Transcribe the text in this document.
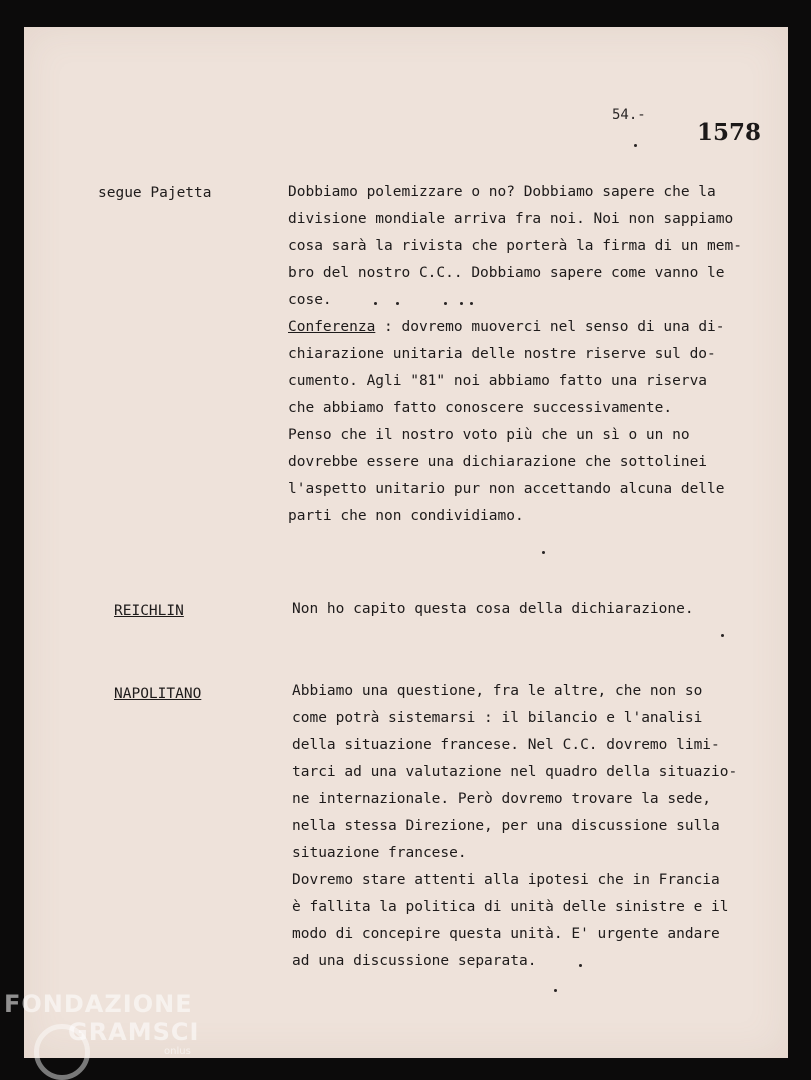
54.-
1578
segue Pajetta	Dobbiamo polemizzare o no? Dobbiamo sapere che la

divisione mondiale arriva fra noi. Noi non sappiamo

cosa sarà la rivista che porterà la firma di un mem-

bro del nostro C.C.. Dobbiamo sapere come vanno le

cose.

Conferenza : dovremo muoverci nel senso di una di-

chiarazione unitaria delle nostre riserve sul do-

cumento. Agli "81" noi abbiamo fatto una riserva

che abbiamo fatto conoscere successivamente.

Penso che il nostro voto più che un sì o un no

dovrebbe essere una dichiarazione che sottolinei

l'aspetto unitario pur non accettando alcuna delle

parti che non condividiamo.

REICHLIN	Non ho capito questa cosa della dichiarazione.

NAPOLITANO	Abbiamo una questione, fra le altre, che non so

come potrà sistemarsi : il bilancio e l'analisi

della situazione francese. Nel C.C. dovremo limi-

tarci ad una valutazione nel quadro della situazio-

ne internazionale. Però dovremo trovare la sede,

nella stessa Direzione, per una discussione sulla

situazione francese.

Dovremo stare attenti alla ipotesi che in Francia

è fallita la politica di unità delle sinistre e il

modo di concepire questa unità. E' urgente andare

ad una discussione separata.

FONDAZIONE
GRAMSCI
onlus
